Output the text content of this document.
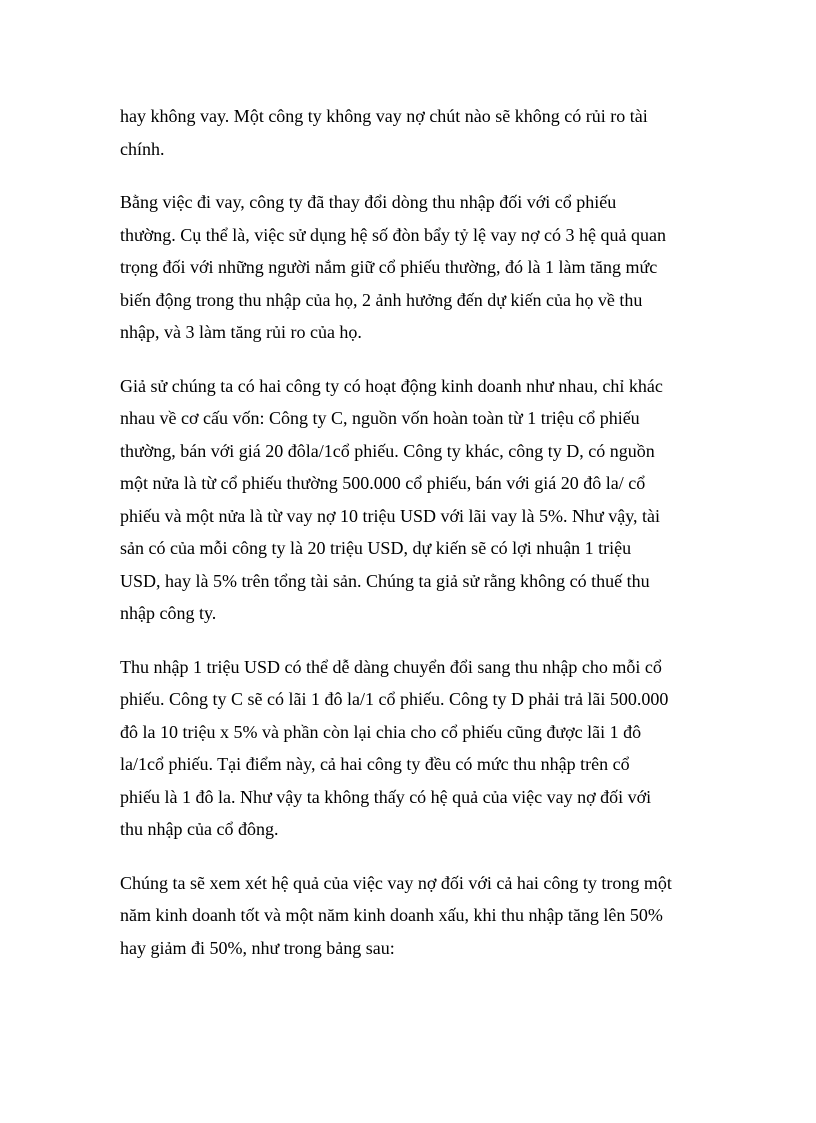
hay không vay. Một công ty không vay nợ chút nào sẽ không có rủi ro tài
chính.
Bằng việc đi vay, công ty đã thay đổi dòng thu nhập đối với cổ phiếu
thường. Cụ thể là, việc sử dụng hệ số đòn bẩy tỷ lệ vay nợ có 3 hệ quả quan
trọng đối với những người nắm giữ cổ phiếu thường, đó là 1 làm tăng mức
biến động trong thu nhập của họ, 2 ảnh hưởng đến dự kiến của họ về thu
nhập, và 3 làm tăng rủi ro của họ.
Giả sử chúng ta có hai công ty có hoạt động kinh doanh như nhau, chỉ khác
nhau về cơ cấu vốn: Công ty C, nguồn vốn hoàn toàn từ 1 triệu cổ phiếu
thường, bán với giá 20 đôla/1cổ phiếu. Công ty khác, công ty D, có nguồn
một nửa là từ cổ phiếu thường 500.000 cổ phiếu, bán với giá 20 đô la/ cổ
phiếu và một nửa là từ vay nợ 10 triệu USD với lãi vay là 5%. Như vậy, tài
sản có của mỗi công ty là 20 triệu USD, dự kiến sẽ có lợi nhuận 1 triệu
USD, hay là 5% trên tổng tài sản. Chúng ta giả sử rằng không có thuế thu
nhập công ty.
Thu nhập 1 triệu USD có thể dễ dàng chuyển đổi sang thu nhập cho mỗi cổ
phiếu. Công ty C sẽ có lãi 1 đô la/1 cổ phiếu. Công ty D phải trả lãi 500.000
đô la 10 triệu x 5% và phần còn lại chia cho cổ phiếu cũng được lãi 1 đô
la/1cổ phiếu. Tại điểm này, cả hai công ty đều có mức thu nhập trên cổ
phiếu là 1 đô la. Như vậy ta không thấy có hệ quả của việc vay nợ đối với
thu nhập của cổ đông.
Chúng ta sẽ xem xét hệ quả của việc vay nợ đối với cả hai công ty trong một
năm kinh doanh tốt và một năm kinh doanh xấu, khi thu nhập tăng lên 50%
hay giảm đi 50%, như trong bảng sau:
